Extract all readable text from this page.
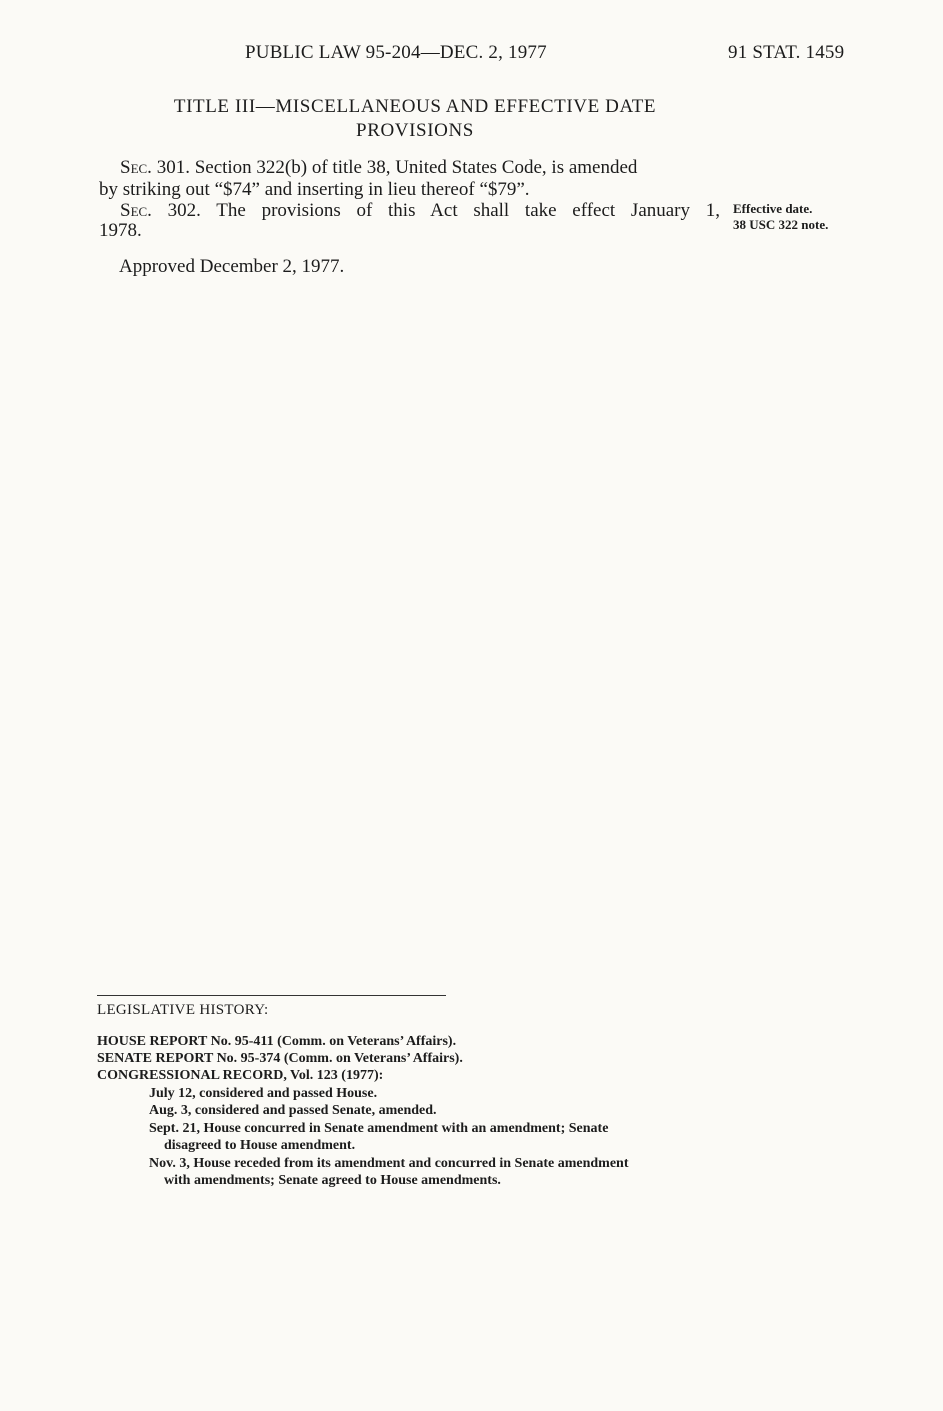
PUBLIC LAW 95-204—DEC. 2, 1977	91 STAT. 1459
TITLE III—MISCELLANEOUS AND EFFECTIVE DATE
PROVISIONS
Sec. 301. Section 322(b) of title 38, United States Code, is amended
by striking out “$74” and inserting in lieu thereof “$79”.
Sec. 302. The provisions of this Act shall take effect January 1,
1978.
Effective date.
38 USC 322 note.
Approved December 2, 1977.
LEGISLATIVE HISTORY:
HOUSE REPORT No. 95-411 (Comm. on Veterans’ Affairs).
SENATE REPORT No. 95-374 (Comm. on Veterans’ Affairs).
CONGRESSIONAL RECORD, Vol. 123 (1977):
July 12, considered and passed House.
Aug. 3, considered and passed Senate, amended.
Sept. 21, House concurred in Senate amendment with an amendment; Senate
disagreed to House amendment.
Nov. 3, House receded from its amendment and concurred in Senate amendment
with amendments; Senate agreed to House amendments.
